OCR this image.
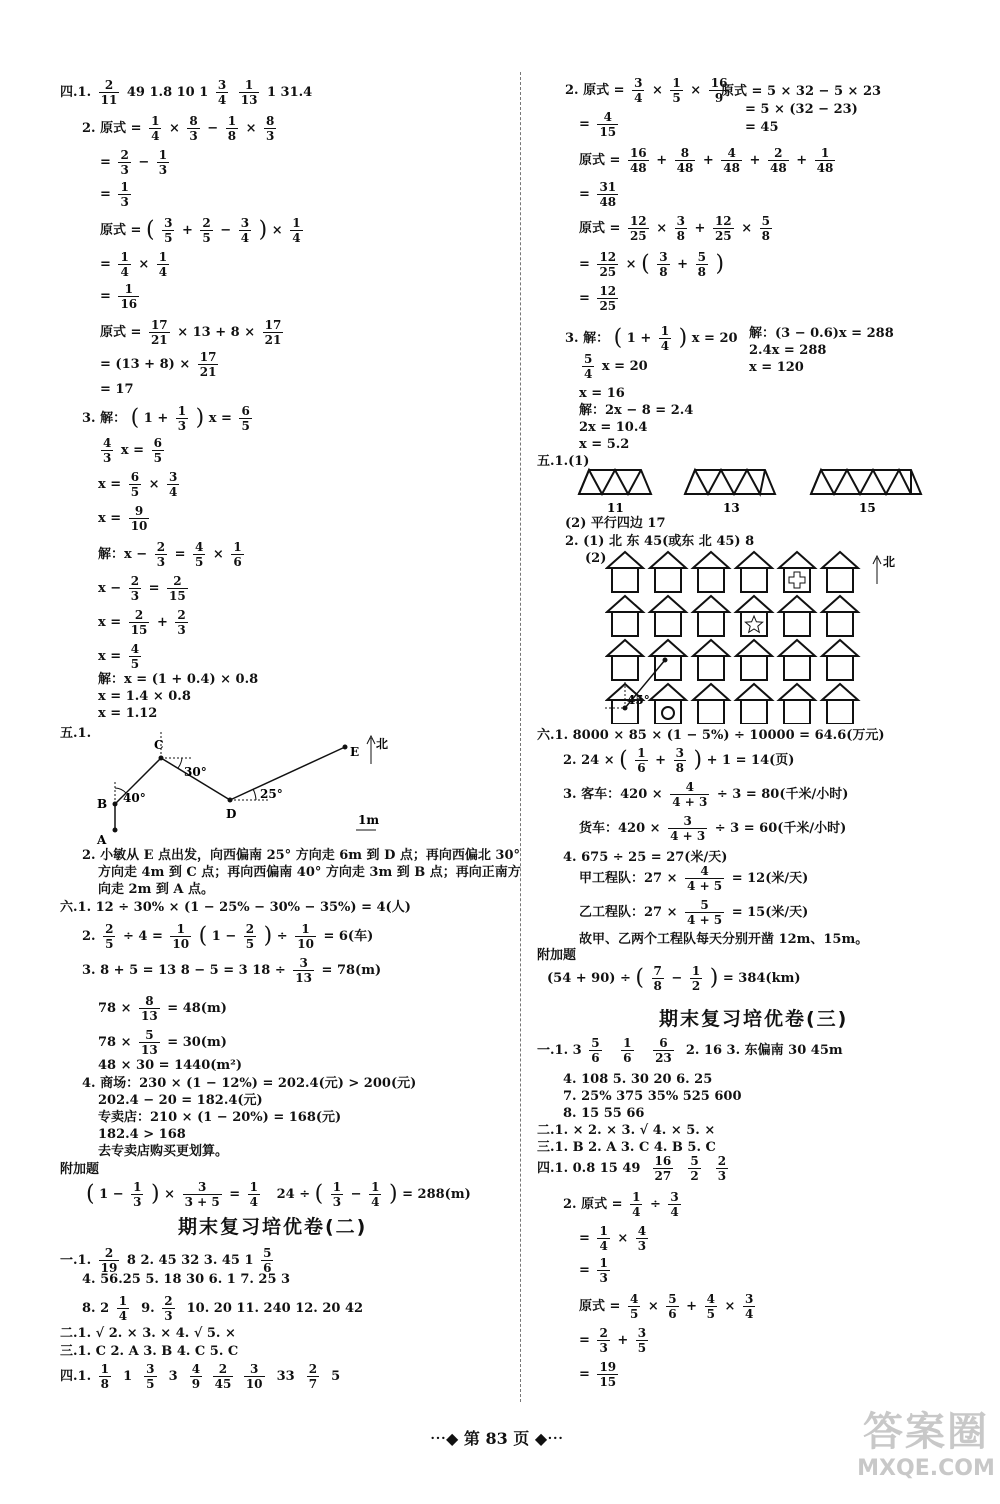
四.1. $\frac{2}{11} 49$ 1.8 10 $1 \frac{3}{4}$
$\frac{1}{13} 1$ 31.4
2. 原式 = $\frac{1}{4} \times \frac{8}{3} - \frac{1}{8} \times \frac{8}{3}$
= $\frac{2}{3} - \frac{1}{3}$
= $\frac{1}{3}$
原式 = ( $\frac{3}{5} + \frac{2}{5} - \frac{3}{4}$ ) × $\frac{1}{4}$
= $\frac{1}{4} \times \frac{1}{4}$
= $\frac{1}{16}$
原式 = $\frac{17}{21} \times 13 + 8 \times \frac{17}{21}$
= $(13 + 8) \times \frac{17}{21}$
= 17
3. 解： ( $1 + \frac{1}{3}$ ) $x = \frac{6}{5}$
$\frac{4}{3}$ $x = \frac{6}{5}$
$x = \frac{6}{5} \times \frac{3}{4}$
$x = \frac{9}{10}$
解：$x - \frac{2}{3} = \frac{4}{5} \times \frac{1}{6}$
$x - \frac{2}{3} = \frac{2}{15}$
$x = \frac{2}{15} + \frac{2}{3}$
$x = \frac{4}{5}$
解：x = (1 + 0.4) × 0.8
x = 1.4 × 0.8
x = 1.12
五.1.
A
B
C
D
E
40°
30°
25°
北
1m
2. 小敏从 E 点出发，向西偏南 25° 方向走 6m 到 D 点；再向西偏北 30°
方向走 4m 到 C 点；再向西偏南 40° 方向走 3m 到 B 点；再向正南方
向走 2m 到 A 点。
六.1. 12 ÷ 30% × (1 − 25% − 30% − 35%) = 4(人)
2. $\frac{2}{5} \div 4 = \frac{1}{10}$ ( $1 - \frac{2}{5}$ ) ÷ $\frac{1}{10} = 6$(车)
3. 8 + 5 = 13 8 − 5 = 3 $18 \div \frac{3}{13} = 78(m)$
$78 \times \frac{8}{13} = 48(m)$
$78 \times \frac{5}{13} = 30(m)$
48 × 30 = 1440(m²)
4. 商场：230 × (1 − 12%) = 202.4(元) > 200(元)
202.4 − 20 = 182.4(元)
专卖店：210 × (1 − 20%) = 168(元)
182.4 > 168
去专卖店购买更划算。
附加题
( $1 - \frac{1}{3}$ ) × $\frac{3}{3 + 5} = \frac{1}{4} 24$ ÷ ( $\frac{1}{3} - \frac{1}{4}$ ) = 288(m)
期末复习培优卷(二)
一.1. $\frac{2}{19} 8$ 2. 45 32 3. 45 $1 \frac{5}{6}$
4. 56.25 5. 18 30 6. 1 7. 25 3
8. $2 \frac{1}{4} 9$. $\frac{2}{3} 10$. 20 11. 240 12. 20 42
二.1. √ 2. × 3. × 4. √ 5. ×
三.1. C 2. A 3. B 4. C 5. C
四.1. $\frac{1}{8} 1 \frac{3}{5} 3 \frac{4}{9}$
$\frac{2}{45}$
$\frac{3}{10} 33 \frac{2}{7} 5$
2. 原式 = $\frac{3}{4} \times \frac{1}{5} \times \frac{16}{9}$
原式 = 5 × 32 − 5 × 23
= 5 × (32 − 23)
= 45
= $\frac{4}{15}$
原式 = $\frac{16}{48} + \frac{8}{48} + \frac{4}{48} + \frac{2}{48} + \frac{1}{48}$
= $\frac{31}{48}$
原式 = $\frac{12}{25} \times \frac{3}{8} + \frac{12}{25} \times \frac{5}{8}$
= $\frac{12}{25}$ × ( $\frac{3}{8} + \frac{5}{8}$ )
= $\frac{12}{25}$
3. 解： ( $1 + \frac{1}{4}$ ) x = 20 解：(3 − 0.6)x = 288
2.4x = 288
x = 120
$\frac{5}{4}$ x = 20
x = 16
解：2x − 8 = 2.4
2x = 10.4
x = 5.2
五.1.(1)
11	13	15
(2) 平行四边 17
2. (1) 北 东 45(或东 北 45) 8
(2)	北
45°
六.1. 8000 × 85 × (1 − 5%) ÷ 10000 = 64.6(万元)
2. 24 × ( $\frac{1}{6} + \frac{3}{8}$ ) + 1 = 14(页)
3. 客车：$420 \times \frac{4}{4 + 3} \div 3 = 80$(千米/小时)
货车：$420 \times \frac{3}{4 + 3} \div 3 = 60$(千米/小时)
4. 675 ÷ 25 = 27(米/天)
甲工程队：$27 \times \frac{4}{4 + 5} = 12$(米/天)
乙工程队：$27 \times \frac{5}{4 + 5} = 15$(米/天)
故甲、乙两个工程队每天分别开凿 12m、15m。
附加题
(54 + 90) ÷ ( $\frac{7}{8} - \frac{1}{2}$ ) = 384(km)
期末复习培优卷(三)
一.1. $3 \frac{5}{6}$
$\frac{1}{6}$
$\frac{6}{23} 2$. 16 3. 东偏南 30 45m
4. 108 5. 30 20 6. 25
7. 25% 375 35% 525 600
8. 15 55 66
二.1. × 2. × 3. √ 4. × 5. ×
三.1. B 2. A 3. C 4. B 5. C
四.1. 0.8 15 $49 \frac{16}{27}$
$\frac{5}{2}$
$\frac{2}{3}$
2. 原式 = $\frac{1}{4} \div \frac{3}{4}$
= $\frac{1}{4} \times \frac{4}{3}$
= $\frac{1}{3}$
原式 = $\frac{4}{5} \times \frac{5}{6} + \frac{4}{5} \times \frac{3}{4}$
= $\frac{2}{3} + \frac{3}{5}$
= $\frac{19}{15}$
⋯◆ 第 83 页 ◆⋯	答案圈
MXQE.COM
